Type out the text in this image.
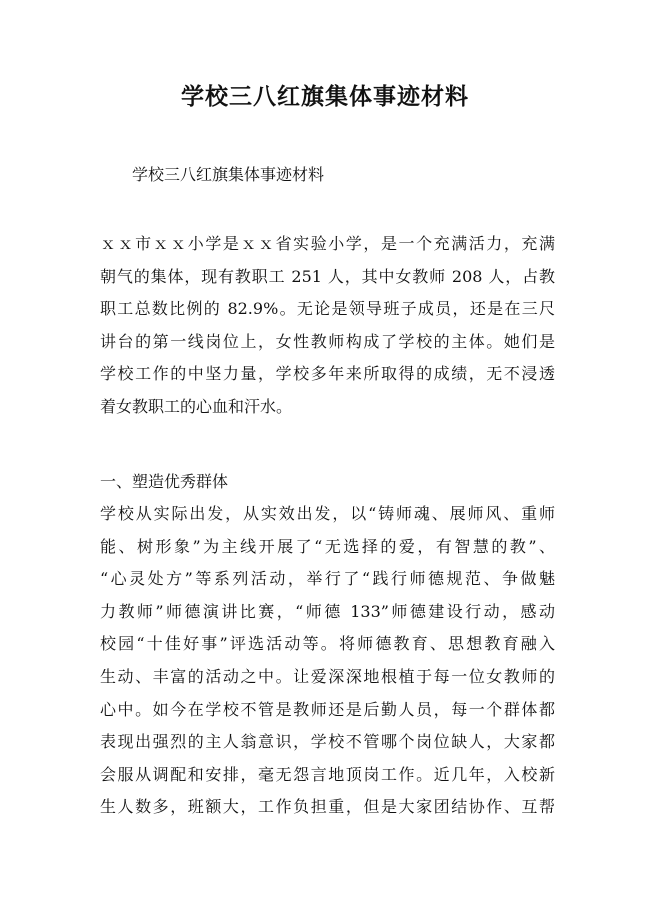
学校三八红旗集体事迹材料

学校三八红旗集体事迹材料

ｘｘ市ｘｘ小学是ｘｘ省实验小学，是一个充满活力，充满
朝气的集体，现有教职工 251 人，其中女教师 208 人，占教
职工总数比例的 82.9%。无论是领导班子成员，还是在三尺
讲台的第一线岗位上，女性教师构成了学校的主体。她们是
学校工作的中坚力量，学校多年来所取得的成绩，无不浸透
着女教职工的心血和汗水。

一、塑造优秀群体

学校从实际出发，从实效出发，以“铸师魂、展师风、重师
能、树形象”为主线开展了“无选择的爱，有智慧的教”、
“心灵处方”等系列活动，举行了“践行师德规范、争做魅
力教师”师德演讲比赛，“师德 133”师德建设行动，感动
校园“十佳好事”评选活动等。将师德教育、思想教育融入
生动、丰富的活动之中。让爱深深地根植于每一位女教师的
心中。如今在学校不管是教师还是后勤人员，每一个群体都
表现出强烈的主人翁意识，学校不管哪个岗位缺人，大家都
会服从调配和安排，毫无怨言地顶岗工作。近几年，入校新
生人数多，班额大，工作负担重，但是大家团结协作、互帮
